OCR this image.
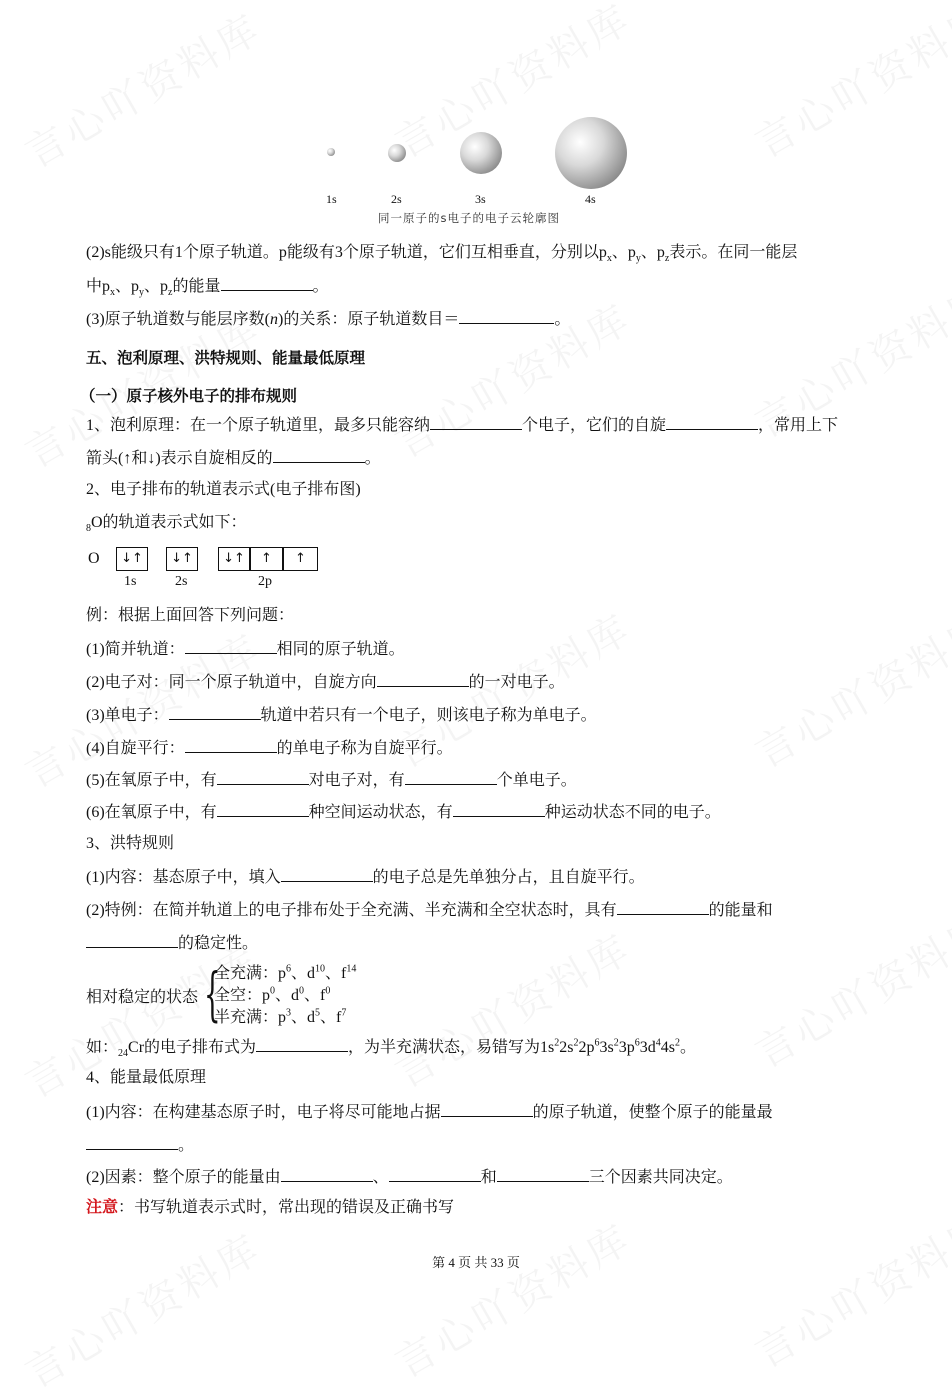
1s	2s	3s	4s
同一原子的s电子的电子云轮廓图
(2)s能级只有1个原子轨道。p能级有3个原子轨道，它们互相垂直，分别以$p_x$、$p_y$、$p_z$表示。在同一能层
中$p_x$、$p_y$、$p_z$的能量	。
(3)原子轨道数与能层序数(n)的关系：原子轨道数目＝	。
五、泡利原理、洪特规则、能量最低原理
（一）原子核外电子的排布规则
1、泡利原理：在一个原子轨道里，最多只能容纳	个电子，它们的自旋	，常用上下
箭头(↑和↓)表示自旋相反的	。
2、电子排布的轨道表示式(电子排布图)
$_8$O的轨道表示式如下：
O	↓↑	↓↑	↓↑	↑	↑
1s	2s	2p
例：根据上面回答下列问题：
(1)简并轨道：	相同的原子轨道。
(2)电子对：同一个原子轨道中，自旋方向	的一对电子。
(3)单电子：	轨道中若只有一个电子，则该电子称为单电子。
(4)自旋平行：	的单电子称为自旋平行。
(5)在氧原子中，有	对电子对，有	个单电子。
(6)在氧原子中，有	种空间运动状态，有	种运动状态不同的电子。
3、洪特规则
(1)内容：基态原子中，填入	的电子总是先单独分占，且自旋平行。
(2)特例：在简并轨道上的电子排布处于全充满、半充满和全空状态时，具有	的能量和
的稳定性。
相对稳定的状态 {
全充满：$p^6$、$d^{10}$、$f^{14}$
全空：$p^0$、$d^0$、$f^0$
半充满：$p^3$、$d^5$、$f^7$
如：$_{24}$Cr的电子排布式为	，为半充满状态，易错写为$1s^22s^22p^63s^23p^63d^44s^2$。
4、能量最低原理
(1)内容：在构建基态原子时，电子将尽可能地占据	的原子轨道，使整个原子的能量最
。
(2)因素：整个原子的能量由	、	和	三个因素共同决定。
注意：书写轨道表示式时，常出现的错误及正确书写
第 4 页 共 33 页
